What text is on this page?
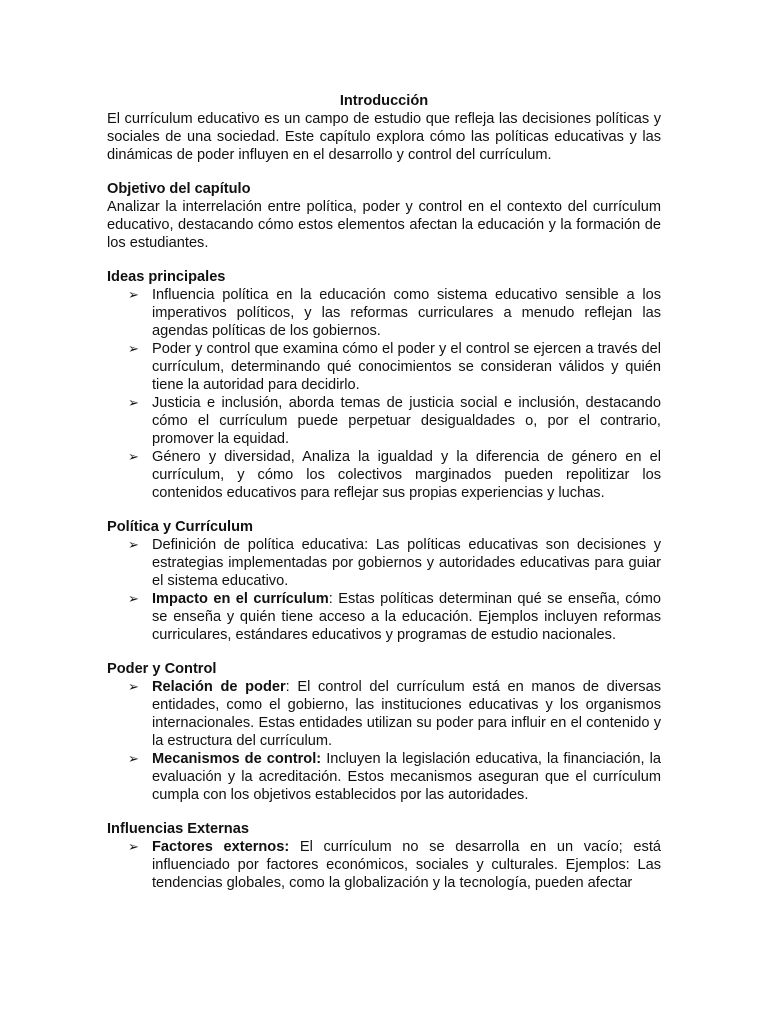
Introducción

El currículum educativo es un campo de estudio que refleja las decisiones políticas y sociales de una sociedad. Este capítulo explora cómo las políticas educativas y las dinámicas de poder influyen en el desarrollo y control del currículum.

Objetivo del capítulo

Analizar la interrelación entre política, poder y control en el contexto del currículum educativo, destacando cómo estos elementos afectan la educación y la formación de los estudiantes.

Ideas principales
➢ Influencia política en la educación como sistema educativo sensible a los imperativos políticos, y las reformas curriculares a menudo reflejan las agendas políticas de los gobiernos.
➢ Poder y control que examina cómo el poder y el control se ejercen a través del currículum, determinando qué conocimientos se consideran válidos y quién tiene la autoridad para decidirlo.
➢ Justicia e inclusión, aborda temas de justicia social e inclusión, destacando cómo el currículum puede perpetuar desigualdades o, por el contrario, promover la equidad.
➢ Género y diversidad, Analiza la igualdad y la diferencia de género en el currículum, y cómo los colectivos marginados pueden repolitizar los contenidos educativos para reflejar sus propias experiencias y luchas.
Política y Currículum
➢ Definición de política educativa: Las políticas educativas son decisiones y estrategias implementadas por gobiernos y autoridades educativas para guiar el sistema educativo.
➢ Impacto en el currículum: Estas políticas determinan qué se enseña, cómo se enseña y quién tiene acceso a la educación. Ejemplos incluyen reformas curriculares, estándares educativos y programas de estudio nacionales.
Poder y Control
➢ Relación de poder: El control del currículum está en manos de diversas entidades, como el gobierno, las instituciones educativas y los organismos internacionales. Estas entidades utilizan su poder para influir en el contenido y la estructura del currículum.
➢ Mecanismos de control: Incluyen la legislación educativa, la financiación, la evaluación y la acreditación. Estos mecanismos aseguran que el currículum cumpla con los objetivos establecidos por las autoridades.
Influencias Externas
➢ Factores externos: El currículum no se desarrolla en un vacío; está influenciado por factores económicos, sociales y culturales. Ejemplos: Las tendencias globales, como la globalización y la tecnología, pueden afectar
